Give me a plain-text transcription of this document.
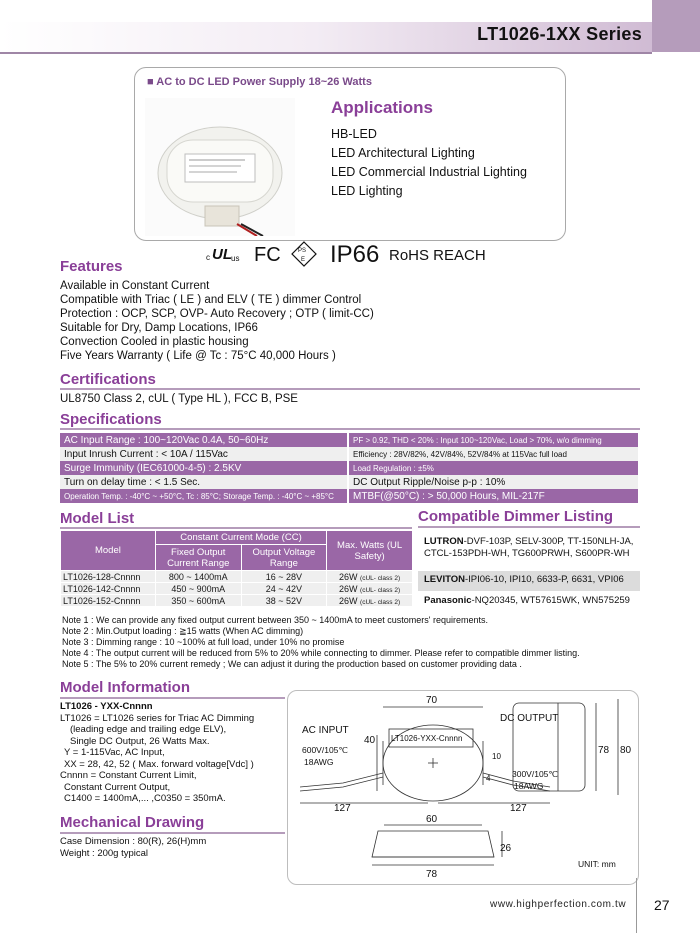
LT1026-1XX Series
■ AC to DC LED Power Supply 18~26 Watts
Applications
HB-LED
LED Architectural Lighting
LED Commercial Industrial Lighting
LED Lighting
c UL us FC	PS
E IP66 RoHS REACH
Features
Available in Constant Current
Compatible with Triac ( LE ) and ELV ( TE ) dimmer Control
Protection : OCP, SCP, OVP- Auto Recovery ; OTP ( limit-CC)
Suitable for Dry, Damp Locations, IP66
Convection Cooled in plastic housing
Five Years Warranty ( Life @ Tc : 75°C 40,000 Hours )
Certifications
UL8750 Class 2, cUL ( Type HL ), FCC B, PSE
Specifications
AC Input Range : 100~120Vac 0.4A, 50~60Hz	PF > 0.92, THD < 20% : Input 100~120Vac, Load > 70%, w/o dimming
Input Inrush Current : < 10A / 115Vac	Efficiency : 28V/82%, 42V/84%, 52V/84% at 115Vac full load
Surge Immunity (IEC61000-4-5) : 2.5KV	Load Regulation : ±5%
Turn on delay time : < 1.5 Sec.	DC Output Ripple/Noise p-p : 10%
Operation Temp. : -40°C ~ +50°C, Tc : 85°C; Storage Temp. : -40°C ~ +85°C	MTBF(@50°C) : > 50,000 Hours, MIL-217F
Model List
Model	Constant Current Mode (CC)		Max. Watts (UL Safety)
	Fixed Output Current Range	Output Voltage Range	
LT1026-128-Cnnnn	800 ~ 1400mA	16 ~ 28V	26W (cUL- class 2)
LT1026-142-Cnnnn	450 ~ 900mA	24 ~ 42V	26W (cUL- class 2)
LT1026-152-Cnnnn	350 ~ 600mA	38 ~ 52V	26W (cUL- class 2)
Compatible Dimmer Listing
LUTRON-DVF-103P, SELV-300P, TT-150NLH-JA, CTCL-153PDH-WH, TG600PRWH, S600PR-WH
LEVITON-IPI06-10, IPI10, 6633-P, 6631, VPI06
Panasonic-NQ20345, WT57615WK, WN575259
Note 1 : We can provide any fixed output current between 350 ~ 1400mA to meet customers' requirements.
Note 2 : Min.Output loading : ≧15 watts (When AC dimming)
Note 3 : Dimming range : 10 ~100% at full load, under 10% no promise
Note 4 : The output current will be reduced from 5% to 20% while connecting to dimmer. Please refer to compatible dimmer listing.
Note 5 : The 5% to 20% current remedy ; We can adjust it during the production based on customer providing data .
Model Information
LT1026 - YXX-Cnnnn
LT1026 = LT1026 series for Triac AC Dimming
(leading edge and trailing edge ELV),
Single DC Output, 26 Watts Max.
Y = 1-115Vac, AC Input,
XX = 28, 42, 52 ( Max. forward voltage[Vdc] )
Cnnnn = Constant Current Limit,
Constant Current Output,
C1400 = 1400mA,... ,C0350 = 350mA.
Mechanical Drawing
Case Dimension : 80(R), 26(H)mm
Weight : 200g typical
AC INPUT
DC OUTPUT
LT1026-YXX-Cnnnn
600V/105℃
18AWG
300V/105℃
18AWG
70
40
10
4
78 80
127	127
60
26
78
UNIT: mm
www.highperfection.com.tw 27
